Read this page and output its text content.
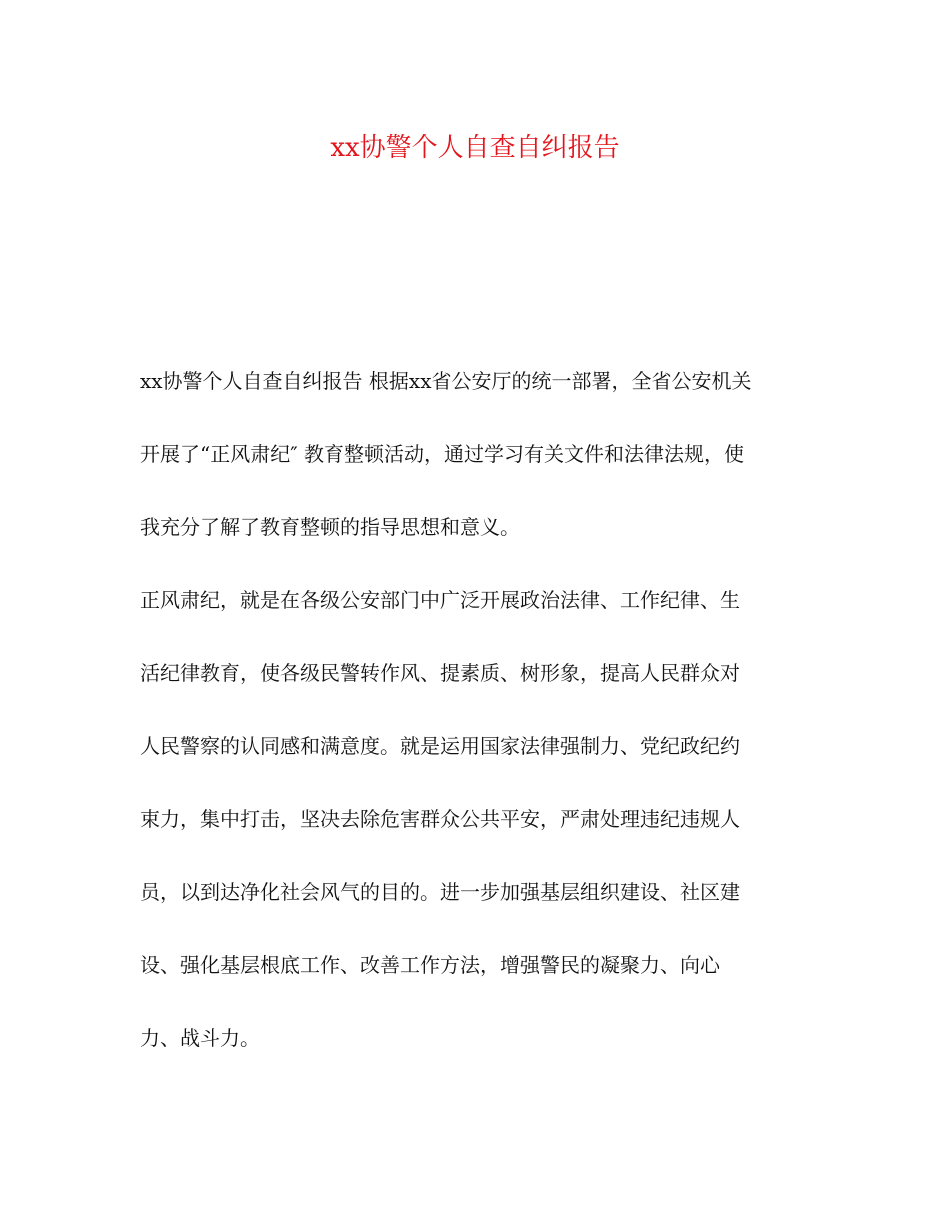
xx协警个人自查自纠报告
xx协警个人自查自纠报告 根据xx省公安厅的统一部署，全省公安机关
开展了“正风肃纪″ 教育整顿活动，通过学习有关文件和法律法规，使
我充分了解了教育整顿的指导思想和意义。
正风肃纪，就是在各级公安部门中广泛开展政治法律、工作纪律、生
活纪律教育，使各级民警转作风、提素质、树形象，提高人民群众对
人民警察的认同感和满意度。就是运用国家法律强制力、党纪政纪约
束力，集中打击，坚决去除危害群众公共平安，严肃处理违纪违规人
员，以到达净化社会风气的目的。进一步加强基层组织建设、社区建
设、强化基层根底工作、改善工作方法，增强警民的凝聚力、向心
力、战斗力。
